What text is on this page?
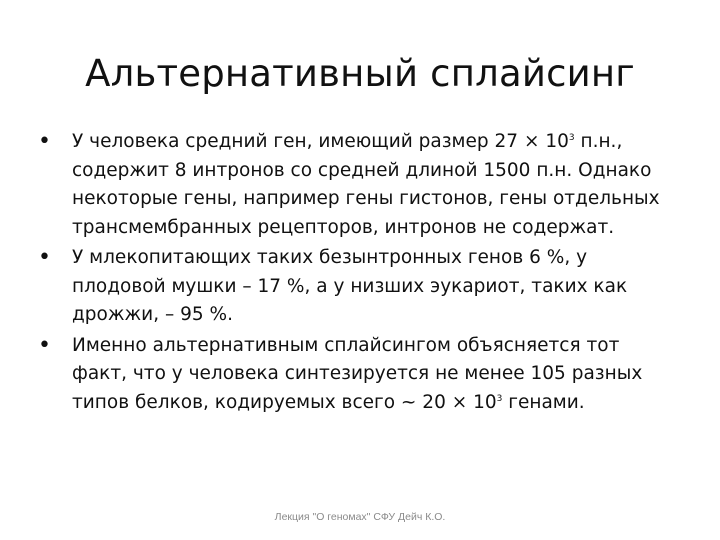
Альтернативный сплайсинг
•	У человека средний ген, имеющий размер $27 \times 10^3$ п.н.,
содержит 8 интронов со средней длиной 1500 п.н. Однако
некоторые гены, например гены гистонов, гены отдельных
трансмембранных рецепторов, интронов не содержат.
•	У млекопитающих таких безынтронных генов 6 %, у
плодовой мушки – 17 %, а у низших эукариот, таких как
дрожжи, – 95 %.
•	Именно альтернативным сплайсингом объясняется тот
факт, что у человека синтезируется не менее 105 разных
типов белков, кодируемых всего ~ $20 \times 10^3$ генами.
Лекция "О геномах" СФУ Дейч К.О.
